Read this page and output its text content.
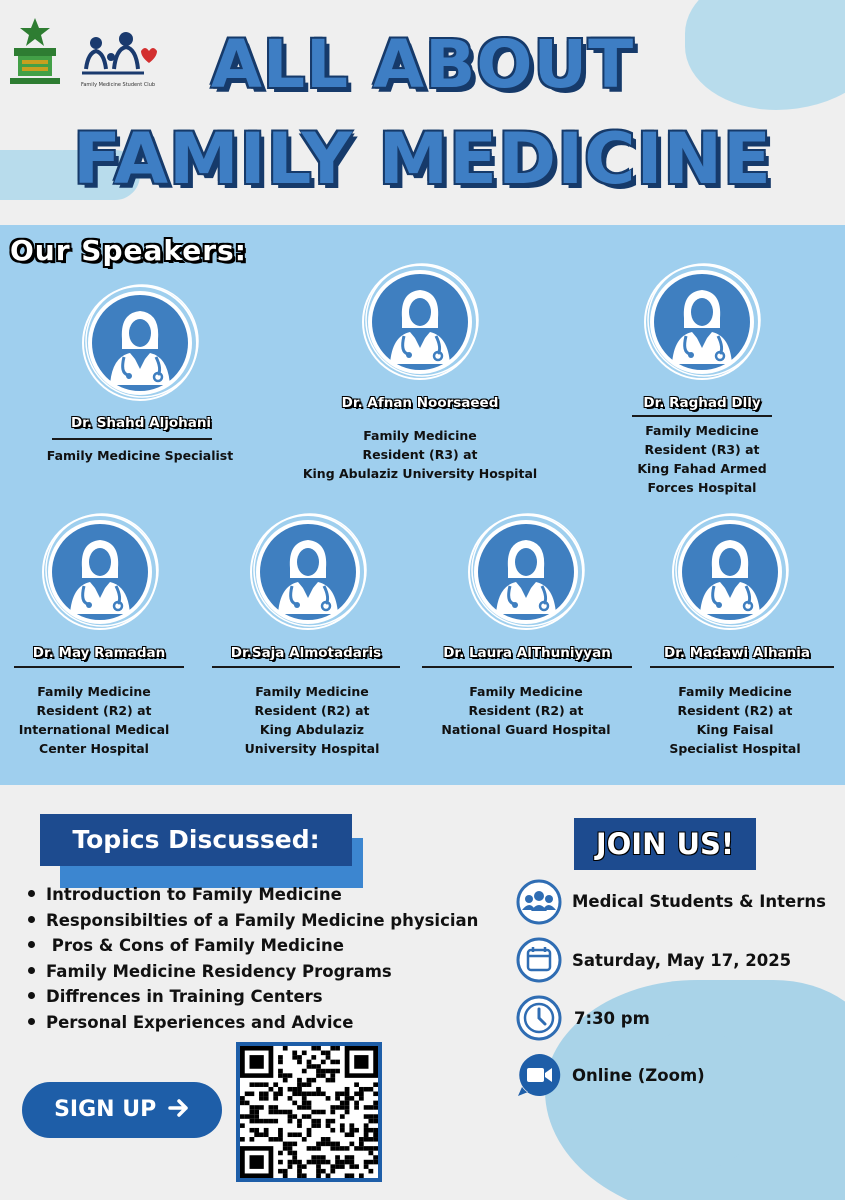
Family Medicine Student Club ALL ABOUT
FAMILY MEDICINE
Our Speakers:
Dr. Shahd Aljohani
Family Medicine Specialist
Dr. Afnan Noorsaeed
Family Medicine
Resident (R3) at
King Abulaziz University Hospital
Dr. Raghad Dlly
Family Medicine
Resident (R3) at
King Fahad Armed
Forces Hospital
Dr. May Ramadan
Family Medicine
Resident (R2) at
International Medical
Center Hospital
Dr.Saja Almotadaris
Family Medicine
Resident (R2) at
King Abdulaziz
University Hospital
Dr. Laura AlThuniyyan
Family Medicine
Resident (R2) at
National Guard Hospital
Dr. Madawi Alhania
Family Medicine
Resident (R2) at
King Faisal
Specialist Hospital
Topics Discussed:
Introduction to Family Medicine
Responsibilties of a Family Medicine physician
Pros & Cons of Family Medicine
Family Medicine Residency Programs
Diffrences in Training Centers
Personal Experiences and Advice
SIGN UP
JOIN US!
Medical Students & Interns
Saturday, May 17, 2025
7:30 pm
Online (Zoom)
